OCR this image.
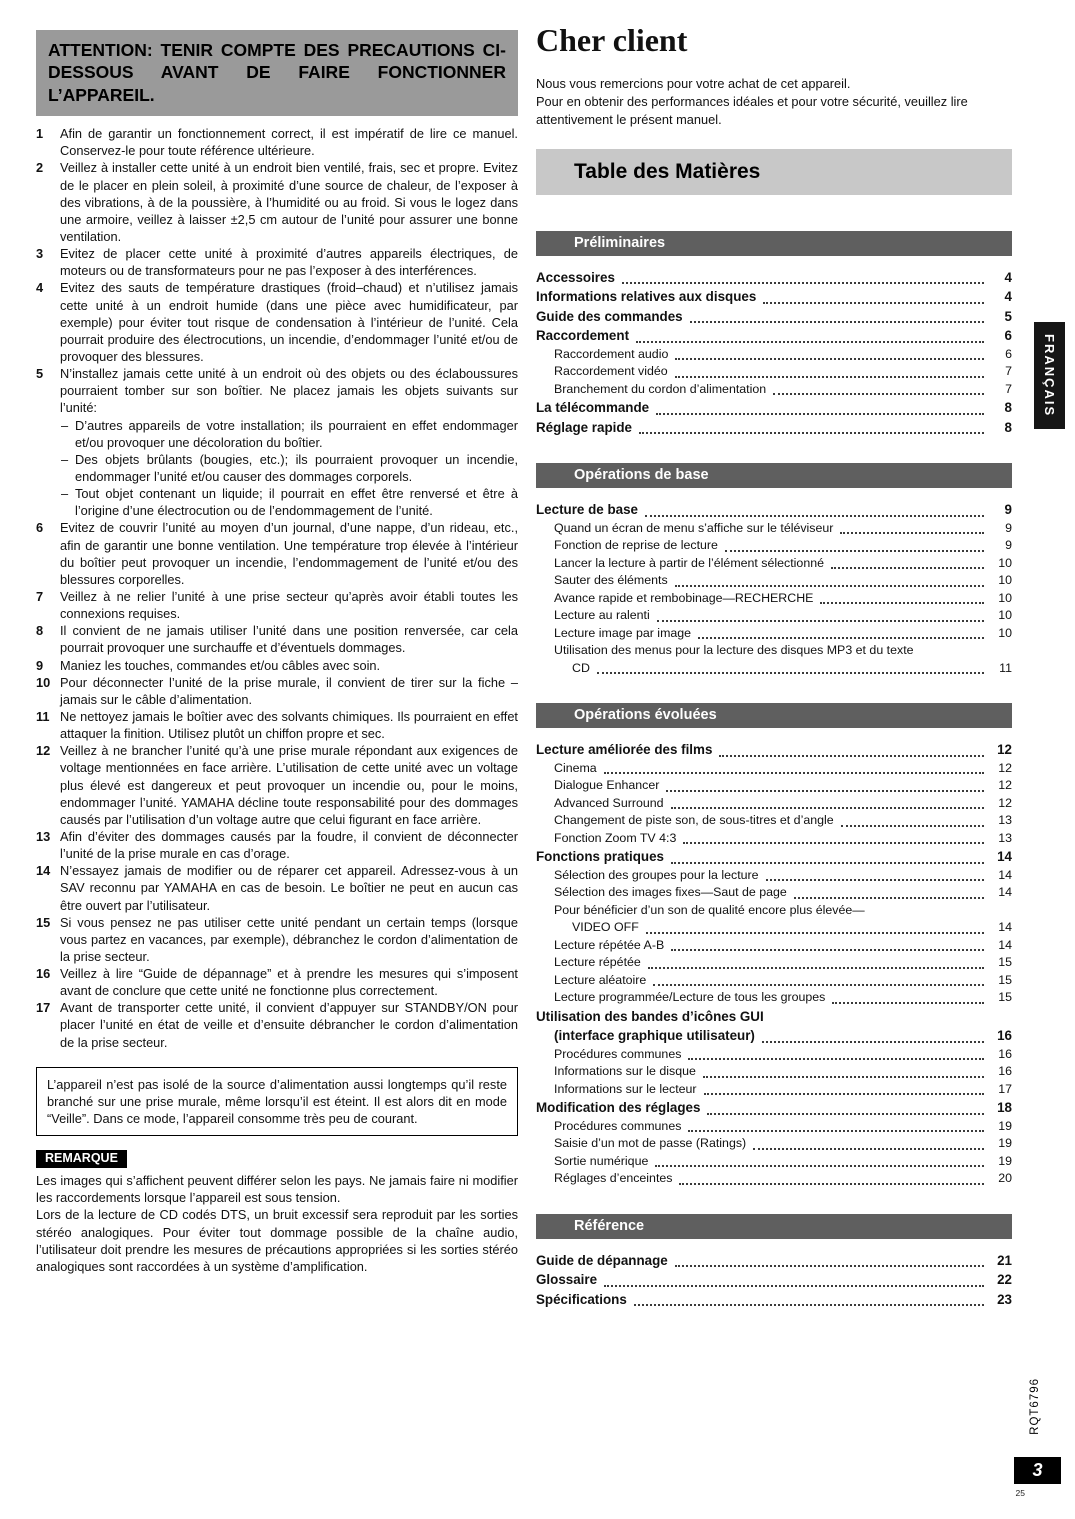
ATTENTION: TENIR COMPTE DES PRECAUTIONS CI-DESSOUS AVANT DE FAIRE FONCTIONNER L’APPAREIL.
1	Afin de garantir un fonctionnement correct, il est impératif de lire ce manuel. Conservez-le pour toute référence ultérieure.
2	Veillez à installer cette unité à un endroit bien ventilé, frais, sec et propre. Evitez de le placer en plein soleil, à proximité d’une source de chaleur, de l’exposer à des vibrations, à de la poussière, à l’humidité ou au froid. Si vous le logez dans une armoire, veillez à laisser ±2,5 cm autour de l’unité pour assurer une bonne ventilation.
3	Evitez de placer cette unité à proximité d’autres appareils électriques, de moteurs ou de transformateurs pour ne pas l’exposer à des interférences.
4	Evitez des sauts de température drastiques (froid–chaud) et n’utilisez jamais cette unité à un endroit humide (dans une pièce avec humidificateur, par exemple) pour éviter tout risque de condensation à l’intérieur de l’unité. Cela pourrait produire des électrocutions, un incendie, d’endommager l’unité et/ou de provoquer des blessures.
5	N’installez jamais cette unité à un endroit où des objets ou des éclaboussures pourraient tomber sur son boîtier. Ne placez jamais les objets suivants sur l’unité:
– D’autres appareils de votre installation; ils pourraient en effet endommager et/ou provoquer une décoloration du boîtier.
– Des objets brûlants (bougies, etc.); ils pourraient provoquer un incendie, endommager l’unité et/ou causer des dommages corporels.
– Tout objet contenant un liquide; il pourrait en effet être renversé et être à l’origine d’une électrocution ou de l’endommagement de l’unité.
6	Evitez de couvrir l’unité au moyen d’un journal, d’une nappe, d’un rideau, etc., afin de garantir une bonne ventilation. Une température trop élevée à l’intérieur du boîtier peut provoquer un incendie, l’endommagement de l’unité et/ou des blessures corporelles.
7	Veillez à ne relier l’unité à une prise secteur qu’après avoir établi toutes les connexions requises.
8	Il convient de ne jamais utiliser l’unité dans une position renversée, car cela pourrait provoquer une surchauffe et d’éventuels dommages.
9	Maniez les touches, commandes et/ou câbles avec soin.
10 Pour déconnecter l’unité de la prise murale, il convient de tirer sur la fiche – jamais sur le câble d’alimentation.
11 Ne nettoyez jamais le boîtier avec des solvants chimiques. Ils pourraient en effet attaquer la finition. Utilisez plutôt un chiffon propre et sec.
12 Veillez à ne brancher l’unité qu’à une prise murale répondant aux exigences de voltage mentionnées en face arrière. L’utilisation de cette unité avec un voltage plus élevé est dangereux et peut provoquer un incendie ou, pour le moins, endommager l’unité. YAMAHA décline toute responsabilité pour des dommages causés par l’utilisation d’un voltage autre que celui figurant en face arrière.
13 Afin d’éviter des dommages causés par la foudre, il convient de déconnecter l’unité de la prise murale en cas d’orage.
14 N’essayez jamais de modifier ou de réparer cet appareil. Adressez-vous à un SAV reconnu par YAMAHA en cas de besoin. Le boîtier ne peut en aucun cas être ouvert par l’utilisateur.
15 Si vous pensez ne pas utiliser cette unité pendant un certain temps (lorsque vous partez en vacances, par exemple), débranchez le cordon d’alimentation de la prise secteur.
16 Veillez à lire “Guide de dépannage” et à prendre les mesures qui s’imposent avant de conclure que cette unité ne fonctionne plus correctement.
17 Avant de transporter cette unité, il convient d’appuyer sur STANDBY/ON pour placer l’unité en état de veille et d’ensuite débrancher le cordon d’alimentation de la prise secteur.
L’appareil n’est pas isolé de la source d’alimentation aussi longtemps qu’il reste branché sur une prise murale, même lorsqu’il est éteint. Il est alors dit en mode “Veille”. Dans ce mode, l’appareil consomme très peu de courant.
REMARQUE

Les images qui s’affichent peuvent différer selon les pays. Ne jamais faire ni modifier les raccordements lorsque l’appareil est sous tension.

Lors de la lecture de CD codés DTS, un bruit excessif sera reproduit par les sorties stéréo analogiques. Pour éviter tout dommage possible de la chaîne audio, l’utilisateur doit prendre les mesures de précautions appropriées si les sorties stéréo analogiques sont raccordées à un système d’amplification.

Cher client

Nous vous remercions pour votre achat de cet appareil.

Pour en obtenir des performances idéales et pour votre sécurité, veuillez lire attentivement le présent manuel.

Table des Matières
Préliminaires
Accessoires	4
Informations relatives aux disques	4
Guide des commandes	5
Raccordement	6
Raccordement audio	6
Raccordement vidéo	7
Branchement du cordon d’alimentation	7
La télécommande	8
Réglage rapide	8
Opérations de base
Lecture de base	9
Quand un écran de menu s’affiche sur le téléviseur	9
Fonction de reprise de lecture	9
Lancer la lecture à partir de l’élément sélectionné	10
Sauter des éléments	10
Avance rapide et rembobinage—RECHERCHE	10
Lecture au ralenti	10
Lecture image par image	10
Utilisation des menus pour la lecture des disques MP3 et du texte
CD	11
Opérations évoluées
Lecture améliorée des films	12
Cinema	12
Dialogue Enhancer	12
Advanced Surround	12
Changement de piste son, de sous-titres et d’angle	13
Fonction Zoom TV 4:3	13
Fonctions pratiques	14
Sélection des groupes pour la lecture	14
Sélection des images fixes—Saut de page	14
Pour bénéficier d’un son de qualité encore plus élevée—
VIDEO OFF	14
Lecture répétée A-B	14
Lecture répétée	15
Lecture aléatoire	15
Lecture programmée/Lecture de tous les groupes	15
Utilisation des bandes d’icônes GUI
(interface graphique utilisateur)	16
Procédures communes	16
Informations sur le disque	16
Informations sur le lecteur	17
Modification des réglages	18
Procédures communes	19
Saisie d’un mot de passe (Ratings)	19
Sortie numérique	19
Réglages d’enceintes	20
Référence
Guide de dépannage	21
Glossaire	22
Spécifications	23
FRANÇAIS
RQT6796
3
25
